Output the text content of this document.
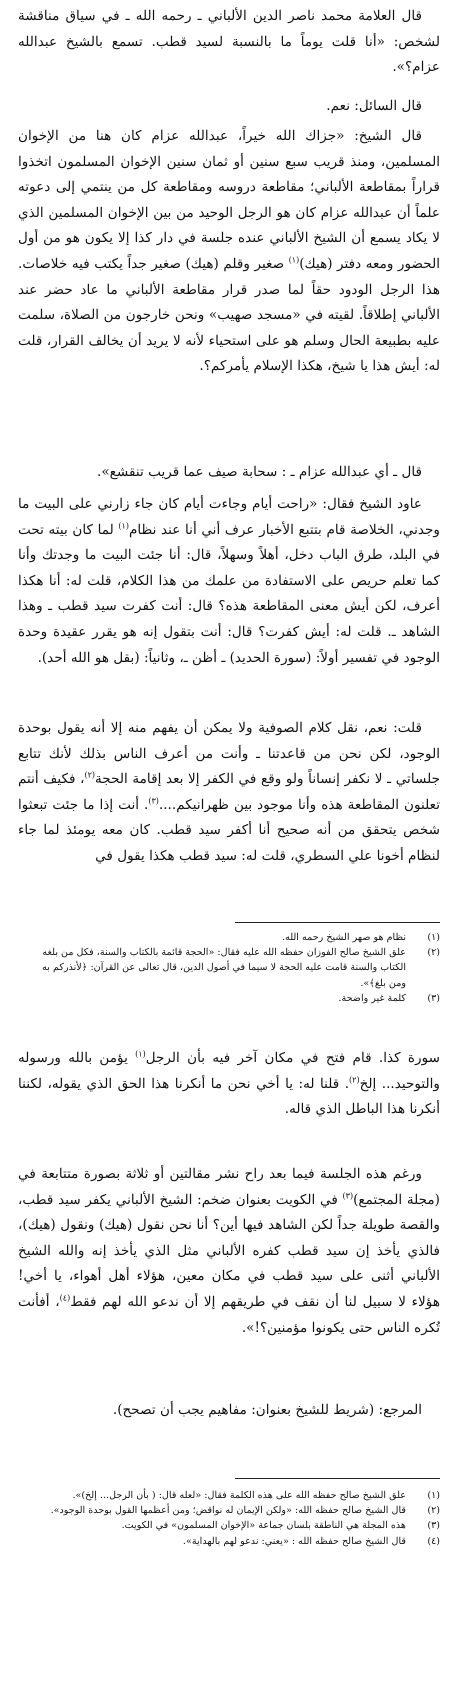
قال العلامة محمد ناصر الدين الألباني ـ رحمه الله ـ في سياق مناقشة لشخص: «أنا قلت يوماً ما بالنسبة لسيد قطب. تسمع بالشيخ عبدالله عزام؟».

قال السائل: نعم.

قال الشيخ: «جزاك الله خيراً، عبدالله عزام كان هنا من الإخوان المسلمين، ومنذ قريب سبع سنين أو ثمان سنين الإخوان المسلمون اتخذوا قراراً بمقاطعة الألباني؛ مقاطعة دروسه ومقاطعة كل من ينتمي إلى دعوته علماً أن عبدالله عزام كان هو الرجل الوحيد من بين الإخوان المسلمين الذي لا يكاد يسمع أن الشيخ الألباني عنده جلسة في دار كذا إلا يكون هو من أول الحضور ومعه دفتر (هيك)$^{(١)}$ صغير وقلم (هيك) صغير جداً يكتب فيه خلاصات. هذا الرجل الودود حقاً لما صدر قرار مقاطعة الألباني ما عاد حضر عند الألباني إطلاقاً. لقيته في «مسجد صهيب» ونحن خارجون من الصلاة، سلمت عليه بطبيعة الحال وسلم هو على استحياء لأنه لا يريد أن يخالف القرار، قلت له: أيش هذا يا شيخ، هكذا الإسلام يأمركم؟.

قال ـ أي عبدالله عزام ـ : سحابة صيف عما قريب تنقشع».

عاود الشيخ فقال: «راحت أيام وجاءت أيام كان جاء زارني على البيت ما وجدني، الخلاصة قام بتتبع الأخبار عرف أني أنا عند نظام$^{(١)}$ لما كان بيته تحت في البلد، طرق الباب دخل، أهلاً وسهلاً، قال: أنا جئت البيت ما وجدتك وأنا كما تعلم حريص على الاستفادة من علمك من هذا الكلام، قلت له: أنا هكذا أعرف، لكن أيش معنى المقاطعة هذه؟ قال: أنت كفرت سيد قطب ـ وهذا الشاهد ـ. قلت له: أيش كفرت؟ قال: أنت بتقول إنه هو يقرر عقيدة وحدة الوجود في تفسير أولاً: (سورة الحديد) ـ أظن ـ، وثانياً: (بقل هو الله أحد).

قلت: نعم، نقل كلام الصوفية ولا يمكن أن يفهم منه إلا أنه يقول بوحدة الوجود، لكن نحن من قاعدتنا ـ وأنت من أعرف الناس بذلك لأنك تتابع جلساتي ـ لا نكفر إنساناً ولو وقع في الكفر إلا بعد إقامة الحجة$^{(٢)}$، فكيف أنتم تعلنون المقاطعة هذه وأنا موجود بين ظهرانيكم....$^{(٣)}$. أنت إذا ما جئت تبعثوا شخص يتحقق من أنه صحيح أنا أكفر سيد قطب. كان معه يومئذ لما جاء لنظام أخونا علي السطري، قلت له: سيد قطب هكذا يقول في

(١)
نظام هو صهر الشيخ رحمه الله.
(٢)
علق الشيخ صالح الفوزان حفظه الله عليه فقال: «الحجة قائمة بالكتاب والسنة، فكل من بلغه الكتاب والسنة قامت عليه الحجة لا سيما في أصول الدين، قال تعالى عن القرآن: ﴿لأنذركم به ومن بلغ﴾».
(٣)
كلمة غير واضحة.

سورة كذا. قام فتح في مكان آخر فيه بأن الرجل$^{(١)}$ يؤمن بالله ورسوله والتوحيد... إلخ$^{(٢)}$. قلنا له: يا أخي نحن ما أنكرنا هذا الحق الذي يقوله، لكننا أنكرنا هذا الباطل الذي قاله.

ورغم هذه الجلسة فيما بعد راح نشر مقالتين أو ثلاثة بصورة متتابعة في (مجلة المجتمع)$^{(٣)}$ في الكويت بعنوان ضخم: الشيخ الألباني يكفر سيد قطب، والقصة طويلة جداً لكن الشاهد فيها أين؟ أنا نحن نقول (هيك) ونقول (هيك)، فالذي يأخذ إن سيد قطب كفره الألباني مثل الذي يأخذ إنه والله الشيخ الألباني أثنى على سيد قطب في مكان معين، هؤلاء أهل أهواء، يا أخي! هؤلاء لا سبيل لنا أن نقف في طريقهم إلا أن ندعو الله لهم فقط$^{(٤)}$، أفأنت تُكره الناس حتى يكونوا مؤمنين؟!».

المرجع: (شريط للشيخ بعنوان: مفاهيم يجب أن تصحح).

(١)
علق الشيخ صالح حفظه الله على هذه الكلمة فقال: «لعله قال: ( بأن الرجل... إلخ)».
(٢)
قال الشيخ صالح حفظه الله: «ولكن الإيمان له نواقض؛ ومن أعظمها القول بوحدة الوجود».
(٣)
هذه المجلة هي الناطقة بلسان جماعة «الإخوان المسلمون» في الكويت.
(٤)
قال الشيخ صالح حفظه الله : «يعني: ندعو لهم بالهداية».
